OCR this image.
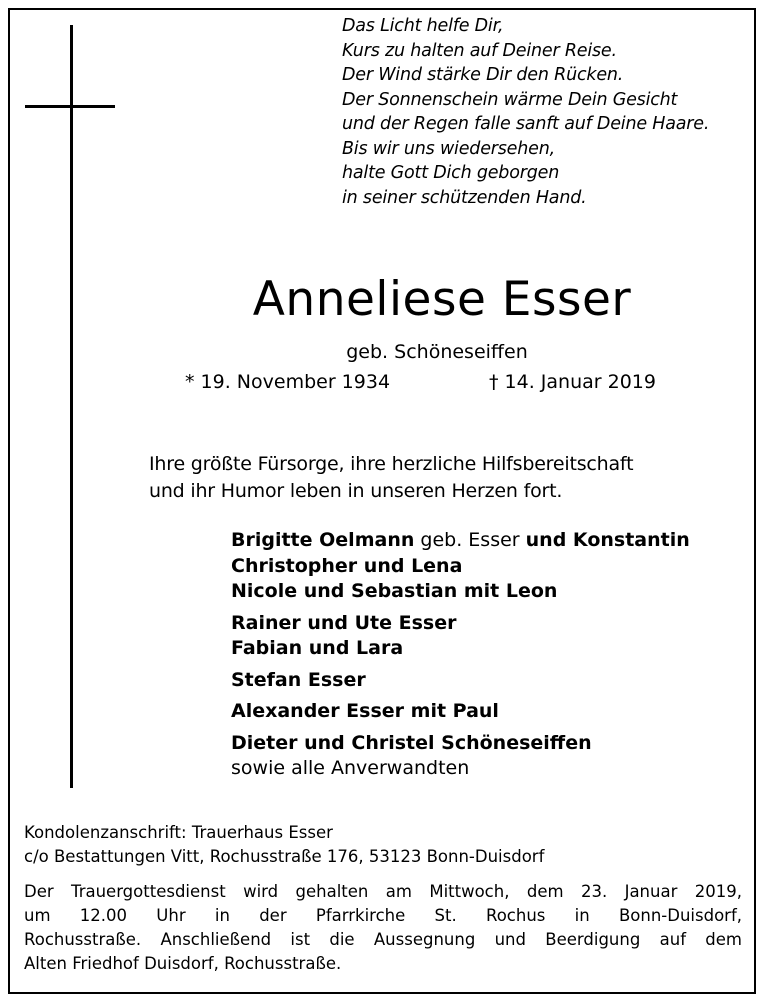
Das Licht helfe Dir,
Kurs zu halten auf Deiner Reise.
Der Wind stärke Dir den Rücken.
Der Sonnenschein wärme Dein Gesicht
und der Regen falle sanft auf Deine Haare.
Bis wir uns wiedersehen,
halte Gott Dich geborgen
in seiner schützenden Hand.
Anneliese Esser
geb. Schöneseiffen
* 19. November 1934	† 14. Januar 2019
Ihre größte Fürsorge, ihre herzliche Hilfsbereitschaft
und ihr Humor leben in unseren Herzen fort.
Brigitte Oelmann geb. Esser und Konstantin
Christopher und Lena
Nicole und Sebastian mit Leon
Rainer und Ute Esser
Fabian und Lara
Stefan Esser
Alexander Esser mit Paul
Dieter und Christel Schöneseiffen
sowie alle Anverwandten
Kondolenzanschrift: Trauerhaus Esser
c/o Bestattungen Vitt, Rochusstraße 176, 53123 Bonn-Duisdorf
Der Trauergottesdienst wird gehalten am Mittwoch, dem 23. Januar 2019,
um 12.00 Uhr in der Pfarrkirche St. Rochus in Bonn-Duisdorf,
Rochusstraße. Anschließend ist die Aussegnung und Beerdigung auf dem
Alten Friedhof Duisdorf, Rochusstraße.
